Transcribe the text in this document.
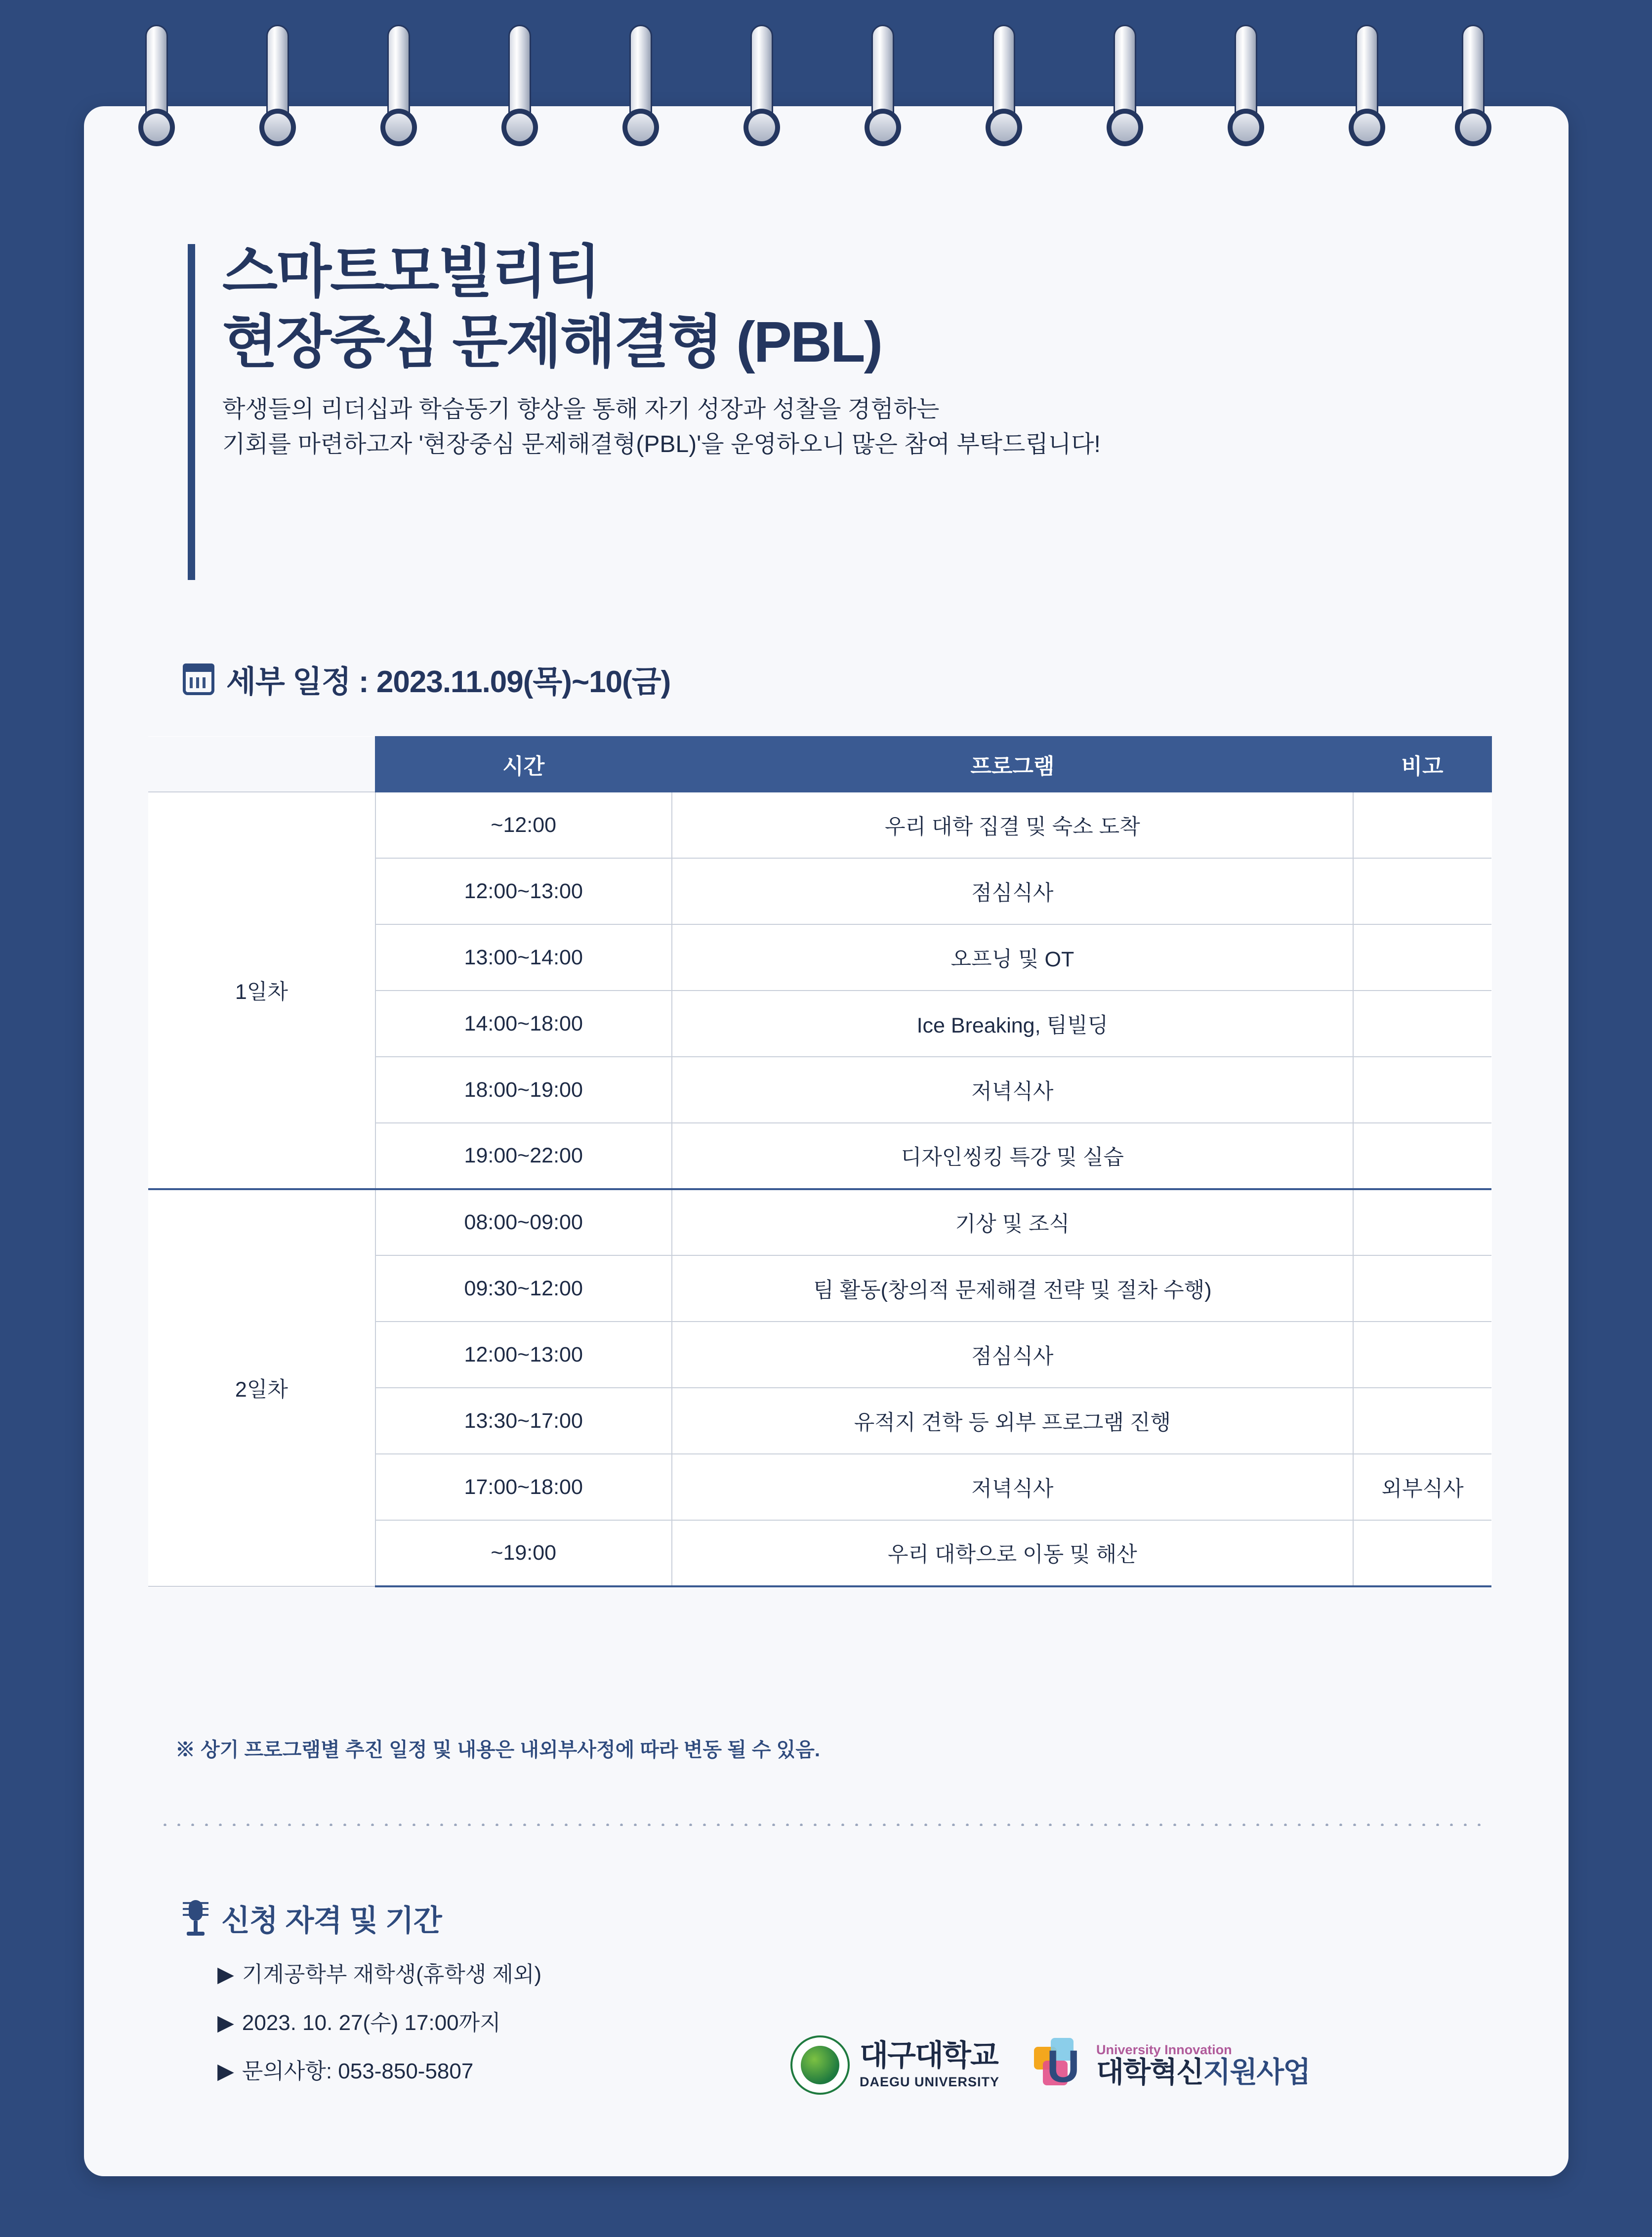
스마트모빌리티
현장중심 문제해결형 (PBL)
학생들의 리더십과 학습동기 향상을 통해 자기 성장과 성찰을 경험하는
기회를 마련하고자 '현장중심 문제해결형(PBL)'을 운영하오니 많은 참여 부탁드립니다!
세부 일정 : 2023.11.09(목)~10(금)
	시간	프로그램	비고
1일차	~12:00	우리 대학 집결 및 숙소 도착	
	12:00~13:00	점심식사	
	13:00~14:00	오프닝 및 OT	
	14:00~18:00	Ice Breaking, 팀빌딩	
	18:00~19:00	저녁식사	
	19:00~22:00	디자인씽킹 특강 및 실습	
2일차	08:00~09:00	기상 및 조식	
	09:30~12:00	팀 활동(창의적 문제해결 전략 및 절차 수행)	
	12:00~13:00	점심식사	
	13:30~17:00	유적지 견학 등 외부 프로그램 진행	
	17:00~18:00	저녁식사	외부식사
	~19:00	우리 대학으로 이동 및 해산	
※ 상기 프로그램별 추진 일정 및 내용은 내외부사정에 따라 변동 될 수 있음.
신청 자격 및 기간
▶ 기계공학부 재학생(휴학생 제외)
▶ 2023. 10. 27(수) 17:00까지
▶ 문의사항: 053-850-5807	대구대학교
DAEGU UNIVERSITY U University Innovation
대학혁신지원사업
